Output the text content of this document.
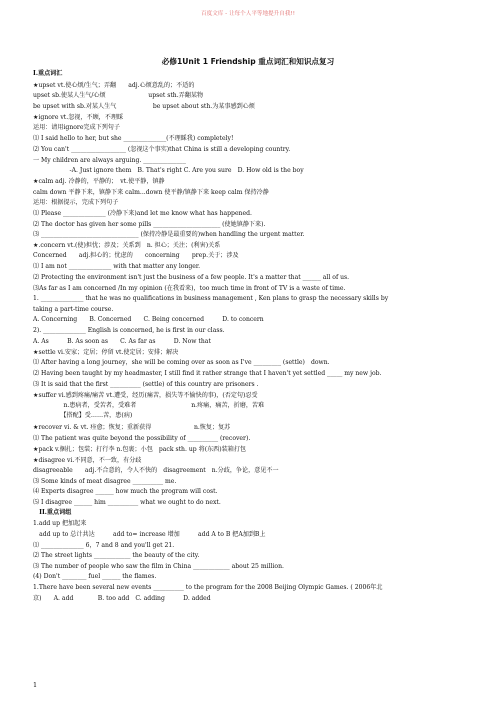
百度文库 - 让每个人平等地提升自我!!
必修1Unit 1 Friendship 重点词汇和知识点复习
I.重点词汇
★upset vt.使心烦/生气；弄翻　　adj.心烦意乱的；不适的
upset sb.使某人生气/心烦　　　　　　　upset sth.弄翻某物
be upset with sb.对某人生气　　　　　　be upset about sth.为某事感到心烦
★ignore vt.忽视，不顾，不理睬
运用：请用ignore完成下列句子
⑴ I said hello to her, but she ______________(不理睬我) completely!
⑵ You can't __________________ (忽视这个事实)that China is still a developing country.
一 My children are always arguing. ______________
　　　　　　-A. Just ignore them　B. That's right C. Are you sure　D. How old is the boy
★calm adj. 冷静的，平静的；　vt.使平静，镇静
calm down 平静下来，镇静下来 calm...down 使平静/镇静下来 keep calm 保持冷静
运用：根据提示，完成下列句子
⑴ Please ______________ (冷静下来)and let me know what has happened.
⑵ The doctor has given her some pills ______________________ (使她镇静下来).
⑶ ________________________________ (保持冷静是最重要的)when handling the urgent matter.
★.concern vt.(使)担忧；涉及；关系到　n. 担心；关注；(利害)关系
Concerned　　adj.担心的；忧虑的　　concerning　　prep.关于；涉及
⑴ I am not ______________ with that matter any longer.
⑵ Protecting the environment isn't just the business of a few people. It's a matter that ______ all of us.
⑶As far as I am concerned /In my opinion (在我看来)，too much time in front of TV is a waste of time.
1. ______________ that he was no qualifications in business management , Ken plans to grasp the necessary skills by
taking a part-time course.
A. Concerning　　B. Concerned　　C. Being concerned　　　D. to concern
2). ______________ English is concerned, he is first in our class.
A. As　　　B. As soon as　　C. As far as　　　D. Now that
★settle vi.安家；定居；停留 vt.使定居；安排；解决
⑴ After having a long journey，she will be coming over as soon as I've _________ (settle)　down.
⑵ Having been taught by my headmaster, I still find it rather strange that I haven't yet settled _____ my new job.
⑶ It is said that the first __________ (settle) of this country are prisoners .
★suffer vi.感到疼痛/痛苦 vt.遭受，经历(痛苦，损失等不愉快的事)，(否定句)忍受
　　　　　n.患病者，受苦者，受难者　　　　　　　　　n.疼痛，痛苦，折磨，苦难
　　　　　【搭配】受……苦，患(病)
★recover vi. & vt. 痊愈；恢复；重新获得　　　　　　　n.恢复；复苏
⑴ The patient was quite beyond the possibility of __________ (recover).
★pack v.捆扎；包装；打行李 n.包裹；小包　pack sth. up 将(东西)装箱打包
★disagree vi.不同意，不一致，有分歧
disagreeable　　adj.不合意的，令人不快的　disagreement　n.分歧，争论，意见不一
⑶ Some kinds of meat disagree __________ me.
⑷ Experts disagree ______ how much the program will cost.
⑸ I disagree ______ him __________ what we ought to do next.
　II.重点词组
1.add up 把加起来
　add up to 总计共达　　　add to= increase 增加　　　add A to B 把A加到B上
⑴ ______________ 6，7 and 8 and you'll get 21.
⑵ The street lights ____________ the beauty of the city.
⑶ The number of people who saw the film in China ____________ about 25 million.
(4) Don't ________ fuel ______ the flames.
1.There have been several new events __________ to the program for the 2008 Beijing Olympic Games. ( 2006年北
京)　　A. add　　　　B. too add　C. adding　　　D. added
1
